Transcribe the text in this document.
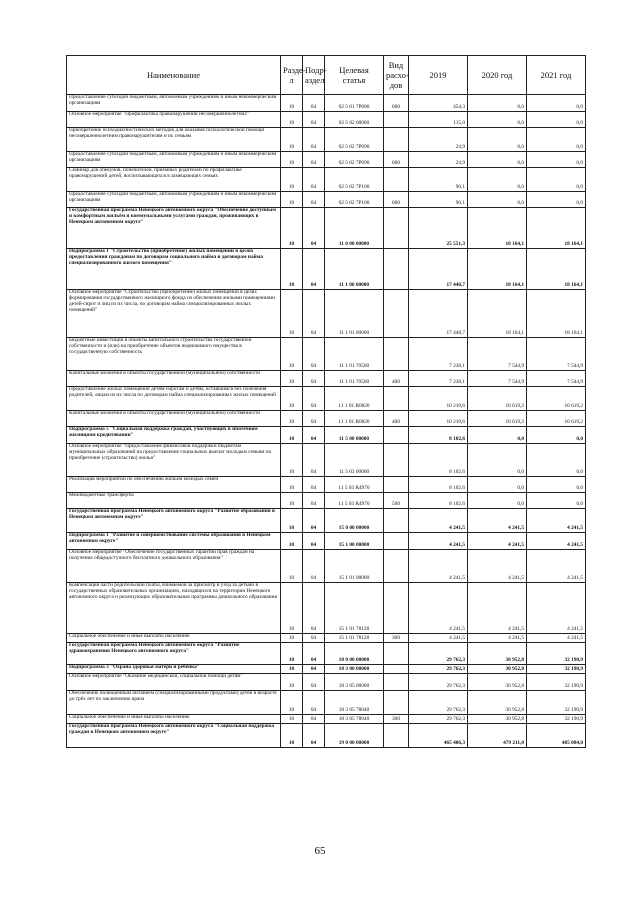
Наименование	Раздел	Подраздел	Целевая статья	Вид расходов	2019	2020 год	2021 год
Предоставление субсидий бюджетным, автономным учреждениям и иным некоммерческим организациям	10	04	02 5 01 7P080	600	454,3	0,0	0,0
Основное мероприятие "Профилактика правонарушений несовершеннолетних"	10	04	02 5 02 00000		115,0	0,0	0,0
Приобретение психодиагностических методик для оказания психологической помощи несовершеннолетним правонарушителям и их семьям	10	04	02 5 02 7P090		24,9	0,0	0,0
Предоставление субсидий бюджетным, автономным учреждениям и иным некоммерческим организациям	10	04	02 5 02 7P090	600	24,9	0,0	0,0
Семинар для опекунов, попечителей, приемных родителей по профилактике правонарушений детей, воспитывающихся в замещающих семьях	10	04	02 5 02 7P100		90,1	0,0	0,0
Предоставление субсидий бюджетным, автономным учреждениям и иным некоммерческим организациям	10	04	02 5 02 7P100	600	90,1	0,0	0,0
Государственная программа Ненецкого автономного округа "Обеспечение доступным и комфортным жильём и коммунальными услугами граждан, проживающих в Ненецком автономном округе"	10	04	11 0 00 00000		25 551,3	18 164,1	18 164,1
Подпрограмма 1 "Строительство (приобретение) жилых помещений в целях предоставления гражданам по договорам социального найма и договорам найма специализированного жилого помещения"	10	04	11 1 00 00000		17 448,7	18 164,1	18 164,1
Основное мероприятие "Строительство (приобретение) жилых помещений в целях формирования государственного жилищного фонда из обеспечения жилыми помещениями детей-сирот и лиц из их числа, по договорам найма специализированных жилых помещений"	10	04	11 1 01 00000		17 448,7	18 164,1	18 164,1
Бюджетные инвестиции в объекты капитального строительства государственной собственности и (или) на приобретение объектов недвижимого имущества в государственную собственность	10	04	11 1 01 70500		7 238,1	7 544,9	7 544,9
Капитальные вложения в объекты государственной (муниципальной) собственности	10	04	11 1 01 70500	400	7 238,1	7 544,9	7 544,9
Предоставление жилых помещений детям-сиротам и детям, оставшимся без попечения родителей, лицам из их числа по договорам найма специализированных жилых помещений	10	04	11 1 01 R0820		10 210,6	10 619,2	10 619,2
Капитальные вложения в объекты государственной (муниципальной) собственности	10	04	11 1 01 R0820	400	10 210,6	10 619,2	10 619,2
Подпрограмма 5 "Социальная поддержка граждан, участвующих в ипотечном жилищном кредитовании"	10	04	11 5 00 00000		8 102,6	0,0	0,0
Основное мероприятие "Предоставление финансовой поддержки бюджетам муниципальных образований на предоставление социальных выплат молодым семьям на приобретение (строительство) жилья"	10	04	11 5 03 00000		8 102,6	0,0	0,0
Реализация мероприятий по обеспечению жильём молодых семей	10	04	11 5 03 R4970		8 102,6	0,0	0,0
Межбюджетные трансферты	10	04	11 5 03 R4970	500	8 102,6	0,0	0,0
Государственная программа Ненецкого автономного округа "Развитие образования в Ненецком автономном округе"	10	04	15 0 00 00000		4 241,5	4 241,5	4 241,5
Подпрограмма 1 "Развитие и совершенствование системы образования в Ненецком автономном округе"	10	04	15 1 00 00000		4 241,5	4 241,5	4 241,5
Основное мероприятие "Обеспечение государственных гарантий прав граждан на получение общедоступного бесплатного дошкольного образования"	10	04	15 1 01 00000		4 241,5	4 241,5	4 241,5
Компенсация части родительской платы, взимаемой за присмотр и уход за детьми в государственных образовательных организациях, находящихся на территории Ненецкого автономного округа и реализующих образовательные программы дошкольного образования	10	04	15 1 01 78120		4 241,5	4 241,5	4 241,5
Социальное обеспечение и иные выплаты населению	10	04	15 1 01 78120	300	4 241,5	4 241,5	4 241,5
Государственная программа Ненецкого автономного округа "Развитие здравоохранения Ненецкого автономного округа"	10	04	18 0 00 00000		29 762,3	30 952,8	32 190,9
Подпрограмма 3 "Охрана здоровья матери и ребёнка"	10	04	18 3 00 00000		29 762,3	30 952,8	32 190,9
Основное мероприятие "Оказание медицинской, социальной помощи детям"	10	04	18 3 05 00000		29 762,3	30 952,8	32 190,9
Обеспечение полноценным питанием (специализированными продуктами) детей в возрасте до трёх лет по заключению врача	10	04	18 3 05 78040		29 762,3	30 952,8	32 190,9
Социальное обеспечение и иные выплаты населению	10	04	18 3 05 78040	300	29 762,3	30 952,8	32 190,9
Государственная программа Ненецкого автономного округа "Социальная поддержка граждан в Ненецком автономном округе"	10	04	19 0 00 00000		465 406,3	479 211,0	485 084,0
65
